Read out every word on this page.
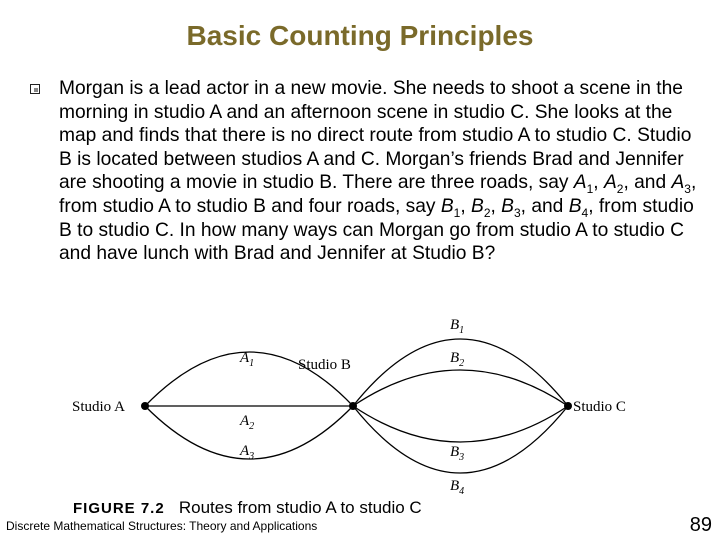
Basic Counting Principles
Morgan is a lead actor in a new movie. She needs to shoot a scene in the morning in studio A and an afternoon scene in studio C. She looks at the map and finds that there is no direct route from studio A to studio C. Studio B is located between studios A and C. Morgan’s friends Brad and Jennifer are shooting a movie in studio B. There are three roads, say $A_1$, $A_2$, and $A_3$, from studio A to studio B and four roads, say $B_1$, $B_2$, $B_3$, and $B_4$, from studio B to studio C. In how many ways can Morgan go from studio A to studio C and have lunch with Brad and Jennifer at Studio B?
Studio A
Studio B
Studio C
$A_1$
$A_2$
$A_3$
$B_1$
$B_2$
$B_3$
$B_4$
FIGURE 7.2 Routes from studio A to studio C
Discrete Mathematical Structures: Theory and Applications	89
